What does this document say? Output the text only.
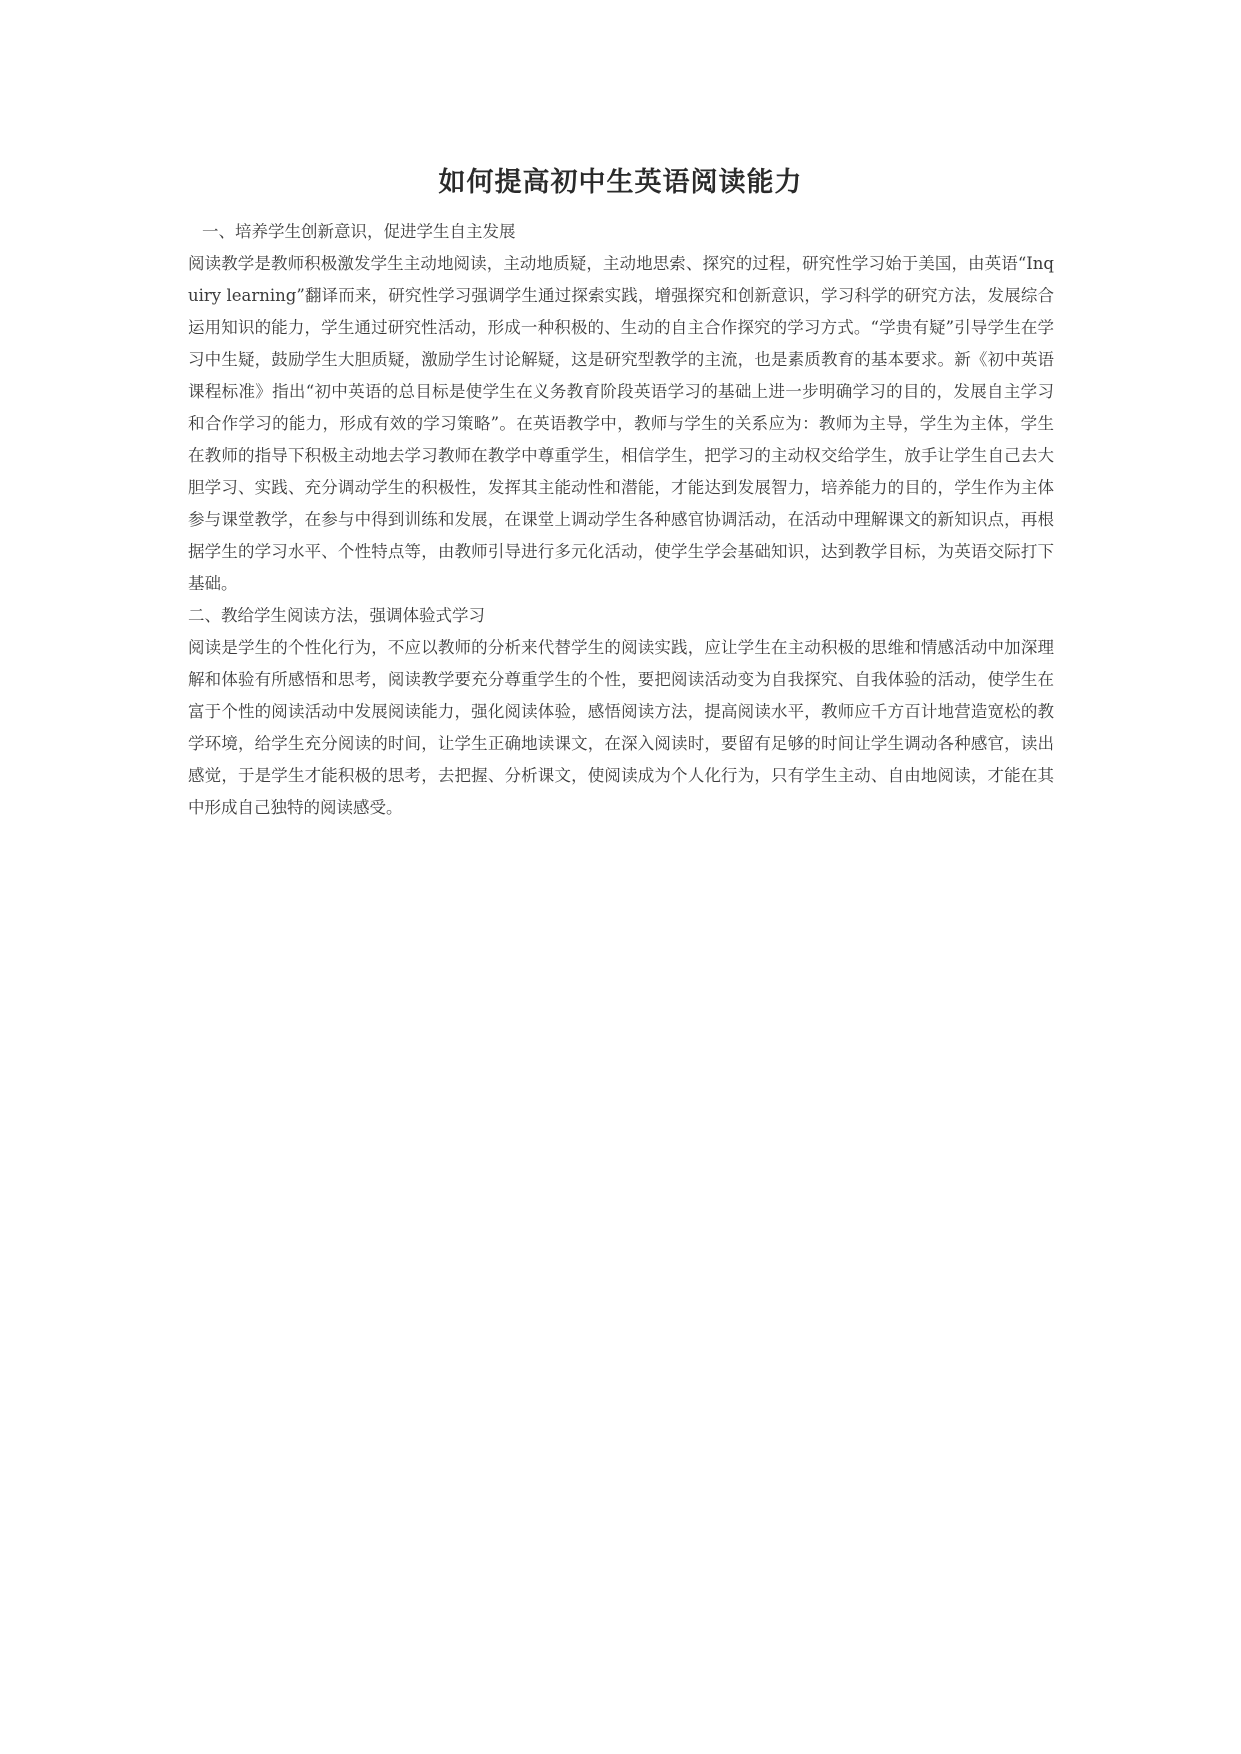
如何提高初中生英语阅读能力

一、培养学生创新意识，促进学生自主发展

阅读教学是教师积极激发学生主动地阅读，主动地质疑，主动地思索、探究的过程，研究性学习始于美国，由英语“Inquiry learning”翻译而来，研究性学习强调学生通过探索实践，增强探究和创新意识，学习科学的研究方法，发展综合运用知识的能力，学生通过研究性活动，形成一种积极的、生动的自主合作探究的学习方式。“学贵有疑”引导学生在学习中生疑，鼓励学生大胆质疑，激励学生讨论解疑，这是研究型教学的主流，也是素质教育的基本要求。新《初中英语课程标准》指出“初中英语的总目标是使学生在义务教育阶段英语学习的基础上进一步明确学习的目的，发展自主学习和合作学习的能力，形成有效的学习策略”。在英语教学中，教师与学生的关系应为：教师为主导，学生为主体，学生在教师的指导下积极主动地去学习教师在教学中尊重学生，相信学生，把学习的主动权交给学生，放手让学生自己去大胆学习、实践、充分调动学生的积极性，发挥其主能动性和潜能，才能达到发展智力，培养能力的目的，学生作为主体参与课堂教学，在参与中得到训练和发展，在课堂上调动学生各种感官协调活动，在活动中理解课文的新知识点，再根据学生的学习水平、个性特点等，由教师引导进行多元化活动，使学生学会基础知识，达到教学目标，为英语交际打下基础。

二、教给学生阅读方法，强调体验式学习

阅读是学生的个性化行为，不应以教师的分析来代替学生的阅读实践，应让学生在主动积极的思维和情感活动中加深理解和体验有所感悟和思考，阅读教学要充分尊重学生的个性，要把阅读活动变为自我探究、自我体验的活动，使学生在富于个性的阅读活动中发展阅读能力，强化阅读体验，感悟阅读方法，提高阅读水平，教师应千方百计地营造宽松的教学环境，给学生充分阅读的时间，让学生正确地读课文，在深入阅读时，要留有足够的时间让学生调动各种感官，读出感觉，于是学生才能积极的思考，去把握、分析课文，使阅读成为个人化行为，只有学生主动、自由地阅读，才能在其中形成自己独特的阅读感受。
